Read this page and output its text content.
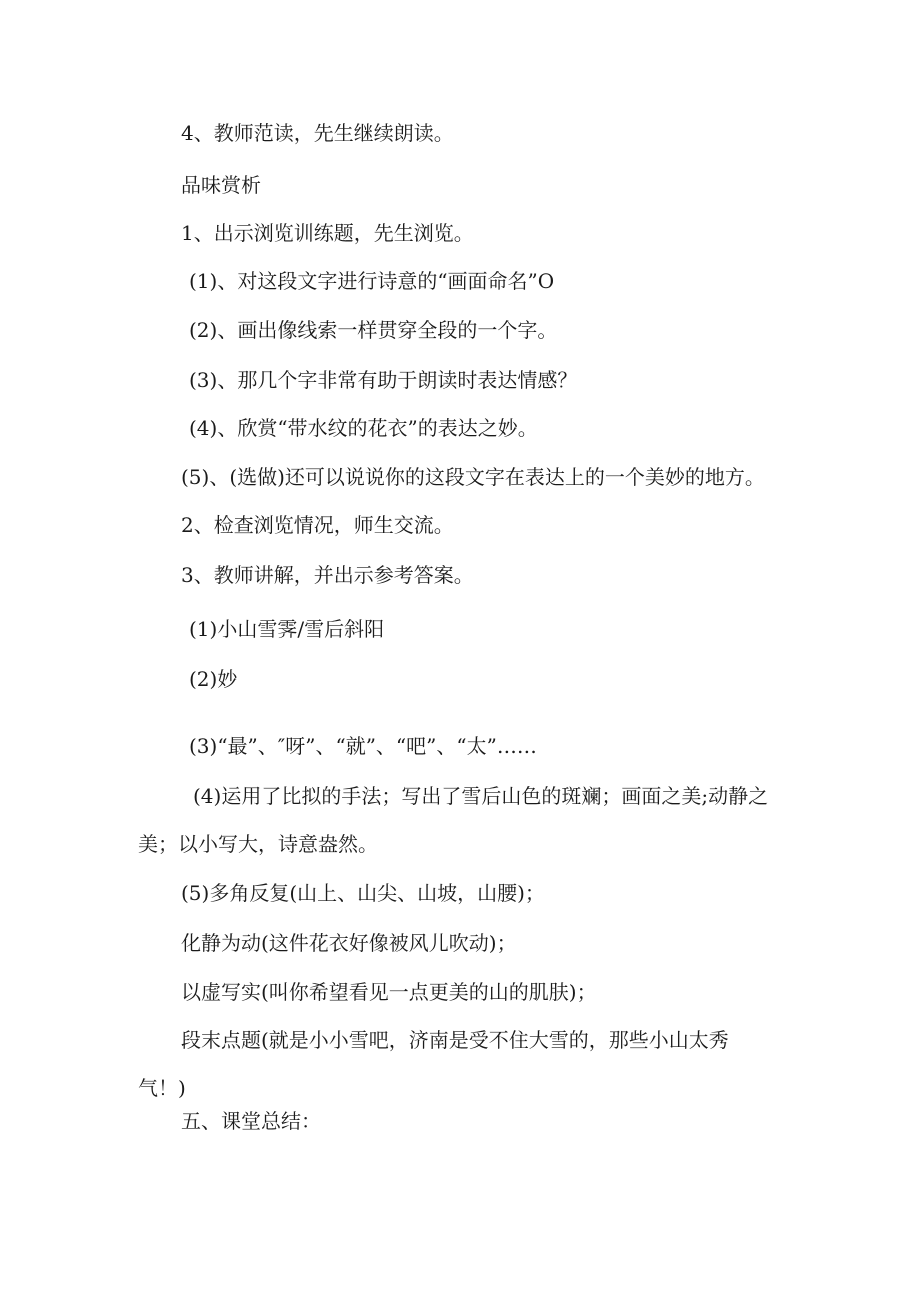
4、教师范读，先生继续朗读。

品味赏析

1、出示浏览训练题，先生浏览。

(1)、对这段文字进行诗意的“画面命名”O

(2)、画出像线索一样贯穿全段的一个字。

(3)、那几个字非常有助于朗读时表达情感？

(4)、欣赏“带水纹的花衣”的表达之妙。

(5)、(选做)还可以说说你的这段文字在表达上的一个美妙的地方。

2、检查浏览情况，师生交流。

3、教师讲解，并出示参考答案。

(1)小山雪霁/雪后斜阳

(2)妙

(3)“最”、″呀”、“就”、“吧”、“太”……

(4)运用了比拟的手法；写出了雪后山色的斑斓；画面之美;动静之

美；以小写大，诗意盎然。

(5)多角反复(山上、山尖、山坡，山腰)；

化静为动(这件花衣好像被风儿吹动)；

以虚写实(叫你希望看见一点更美的山的肌肤)；

段末点题(就是小小雪吧，济南是受不住大雪的，那些小山太秀

气！)

五、课堂总结：
